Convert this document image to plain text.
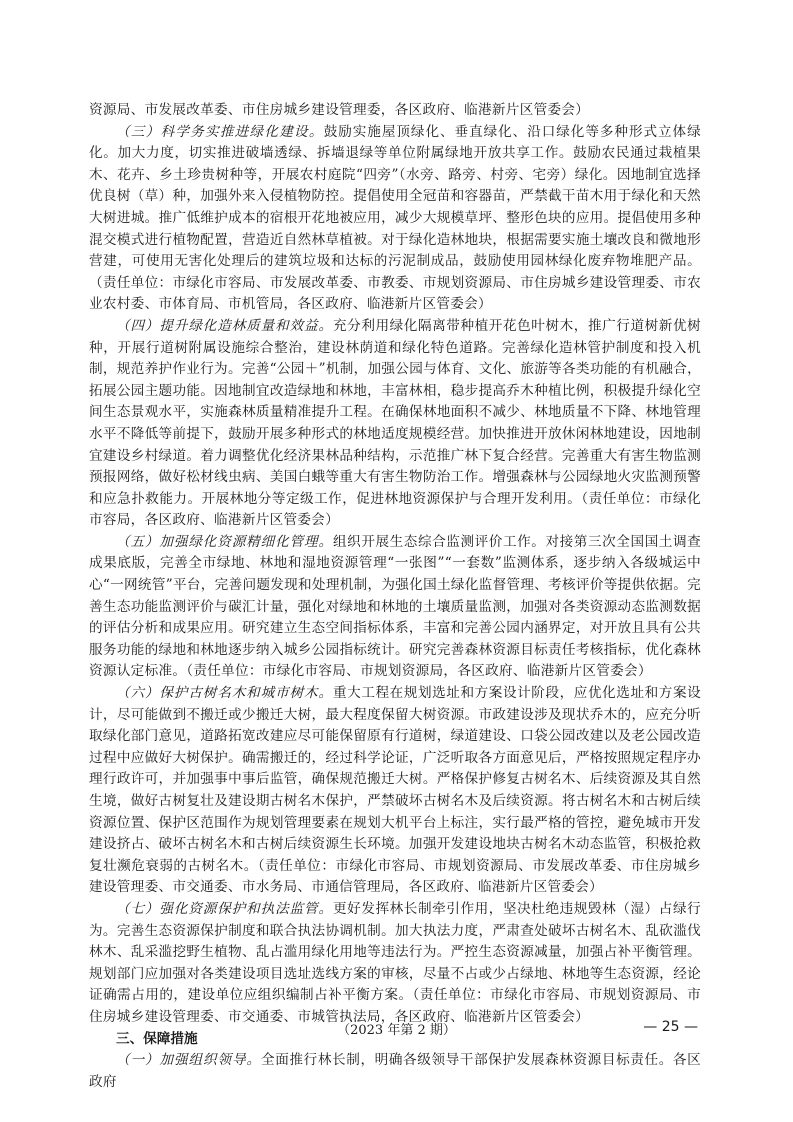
资源局、市发展改革委、市住房城乡建设管理委，各区政府、临港新片区管委会）

（三）科学务实推进绿化建设。鼓励实施屋顶绿化、垂直绿化、沿口绿化等多种形式立体绿化。加大力度，切实推进破墙透绿、拆墙退绿等单位附属绿地开放共享工作。鼓励农民通过栽植果木、花卉、乡土珍贵树种等，开展农村庭院“四旁”（水旁、路旁、村旁、宅旁）绿化。因地制宜选择优良树（草）种，加强外来入侵植物防控。提倡使用全冠苗和容器苗，严禁截干苗木用于绿化和天然大树进城。推广低维护成本的宿根开花地被应用，减少大规模草坪、整形色块的应用。提倡使用多种混交模式进行植物配置，营造近自然林草植被。对于绿化造林地块，根据需要实施土壤改良和微地形营建，可使用无害化处理后的建筑垃圾和达标的污泥制成品，鼓励使用园林绿化废弃物堆肥产品。（责任单位：市绿化市容局、市发展改革委、市教委、市规划资源局、市住房城乡建设管理委、市农业农村委、市体育局、市机管局，各区政府、临港新片区管委会）

（四）提升绿化造林质量和效益。充分利用绿化隔离带种植开花色叶树木，推广行道树新优树种，开展行道树附属设施综合整治，建设林荫道和绿化特色道路。完善绿化造林管护制度和投入机制，规范养护作业行为。完善“公园＋”机制，加强公园与体育、文化、旅游等各类功能的有机融合，拓展公园主题功能。因地制宜改造绿地和林地，丰富林相，稳步提高乔木种植比例，积极提升绿化空间生态景观水平，实施森林质量精准提升工程。在确保林地面积不减少、林地质量不下降、林地管理水平不降低等前提下，鼓励开展多种形式的林地适度规模经营。加快推进开放休闲林地建设，因地制宜建设乡村绿道。着力调整优化经济果林品种结构，示范推广林下复合经营。完善重大有害生物监测预报网络，做好松材线虫病、美国白蛾等重大有害生物防治工作。增强森林与公园绿地火灾监测预警和应急扑救能力。开展林地分等定级工作，促进林地资源保护与合理开发利用。（责任单位：市绿化市容局，各区政府、临港新片区管委会）

（五）加强绿化资源精细化管理。组织开展生态综合监测评价工作。对接第三次全国国土调查成果底版，完善全市绿地、林地和湿地资源管理“一张图”“一套数”监测体系，逐步纳入各级城运中心“一网统管”平台，完善问题发现和处理机制，为强化国土绿化监督管理、考核评价等提供依据。完善生态功能监测评价与碳汇计量，强化对绿地和林地的土壤质量监测，加强对各类资源动态监测数据的评估分析和成果应用。研究建立生态空间指标体系，丰富和完善公园内涵界定，对开放且具有公共服务功能的绿地和林地逐步纳入城乡公园指标统计。研究完善森林资源目标责任考核指标，优化森林资源认定标准。（责任单位：市绿化市容局、市规划资源局，各区政府、临港新片区管委会）

（六）保护古树名木和城市树木。重大工程在规划选址和方案设计阶段，应优化选址和方案设计，尽可能做到不搬迁或少搬迁大树，最大程度保留大树资源。市政建设涉及现状乔木的，应充分听取绿化部门意见，道路拓宽改建应尽可能保留原有行道树，绿道建设、口袋公园改建以及老公园改造过程中应做好大树保护。确需搬迁的，经过科学论证，广泛听取各方面意见后，严格按照规定程序办理行政许可，并加强事中事后监管，确保规范搬迁大树。严格保护修复古树名木、后续资源及其自然生境，做好古树复壮及建设期古树名木保护，严禁破坏古树名木及后续资源。将古树名木和古树后续资源位置、保护区范围作为规划管理要素在规划大机平台上标注，实行最严格的管控，避免城市开发建设挤占、破坏古树名木和古树后续资源生长环境。加强开发建设地块古树名木动态监管，积极抢救复壮濒危衰弱的古树名木。（责任单位：市绿化市容局、市规划资源局、市发展改革委、市住房城乡建设管理委、市交通委、市水务局、市通信管理局，各区政府、临港新片区管委会）

（七）强化资源保护和执法监管。更好发挥林长制牵引作用，坚决杜绝违规毁林（湿）占绿行为。完善生态资源保护制度和联合执法协调机制。加大执法力度，严肃查处破坏古树名木、乱砍滥伐林木、乱采滥挖野生植物、乱占滥用绿化用地等违法行为。严控生态资源减量，加强占补平衡管理。规划部门应加强对各类建设项目选址选线方案的审核，尽量不占或少占绿地、林地等生态资源，经论证确需占用的，建设单位应组织编制占补平衡方案。（责任单位：市绿化市容局、市规划资源局、市住房城乡建设管理委、市交通委、市城管执法局，各区政府、临港新片区管委会）

三、保障措施

（一）加强组织领导。全面推行林长制，明确各级领导干部保护发展森林资源目标责任。各区政府

（2023 年第 2 期）	— 25 —
